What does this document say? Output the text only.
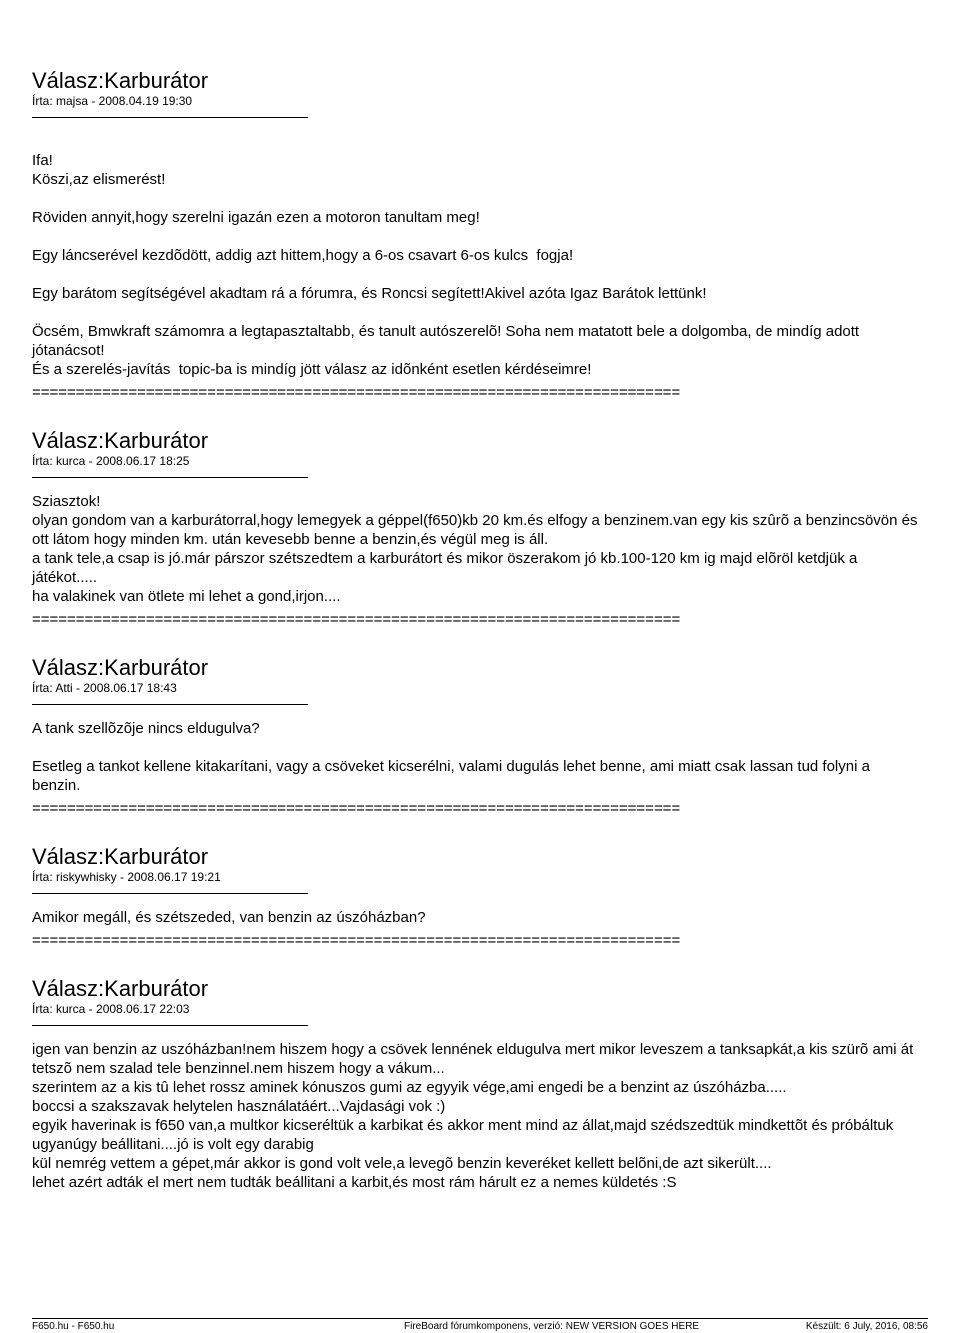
Válasz:Karburátor
Írta: majsa - 2008.04.19 19:30
Ifa!
Köszi,az elismerést!
Röviden annyit,hogy szerelni igazán ezen a motoron tanultam meg!
Egy láncserével kezdõdött, addig azt hittem,hogy a 6-os csavart 6-os kulcs  fogja!
Egy barátom segítségével akadtam rá a fórumra, és Roncsi segített!Akivel azóta Igaz Barátok lettünk!
Öcsém, Bmwkraft számomra a legtapasztaltabb, és tanult autószerelõ! Soha nem matatott bele a dolgomba, de mindíg adott jótanácsot!
És a szerelés-javítás  topic-ba is mindíg jött válasz az idõnként esetlen kérdéseimre!
==========================================================================
Válasz:Karburátor
Írta: kurca - 2008.06.17 18:25
Sziasztok!
olyan gondom van a karburátorral,hogy lemegyek a géppel(f650)kb 20 km.és elfogy a benzinem.van egy kis szûrõ a benzincsövön és ott látom hogy minden km. után kevesebb benne a benzin,és végül meg is áll.
a tank tele,a csap is jó.már párszor szétszedtem a karburátort és mikor öszerakom jó kb.100-120 km ig majd elõröl ketdjük a játékot.....
ha valakinek van ötlete mi lehet a gond,irjon....
==========================================================================
Válasz:Karburátor
Írta: Atti - 2008.06.17 18:43
A tank szellõzõje nincs eldugulva?
Esetleg a tankot kellene kitakarítani, vagy a csöveket kicserélni, valami dugulás lehet benne, ami miatt csak lassan tud folyni a benzin.
==========================================================================
Válasz:Karburátor
Írta: riskywhisky - 2008.06.17 19:21
Amikor megáll, és szétszeded, van benzin az úszóházban?
==========================================================================
Válasz:Karburátor
Írta: kurca - 2008.06.17 22:03
igen van benzin az uszóházban!nem hiszem hogy a csövek lennének eldugulva mert mikor leveszem a tanksapkát,a kis szürõ ami át tetszõ nem szalad tele benzinnel.nem hiszem hogy a vákum...
szerintem az a kis tû lehet rossz aminek kónuszos gumi az egyyik vége,ami engedi be a benzint az úszóházba.....
boccsi a szakszavak helytelen használatáért...Vajdasági vok :)
egyik haverinak is f650 van,a multkor kicseréltük a karbikat és akkor ment mind az állat,majd szédszedtük mindkettõt és próbáltuk ugyanúgy beállitani....jó is volt egy darabig
kül nemrég vettem a gépet,már akkor is gond volt vele,a levegõ benzin keveréket kellett belõni,de azt sikerült....
lehet azért adták el mert nem tudták beállitani a karbit,és most rám hárult ez a nemes küldetés :S
F650.hu - F650.hu	FireBoard fórumkomponens, verzió: NEW VERSION GOES HERE	Készült: 6 July, 2016, 08:56
